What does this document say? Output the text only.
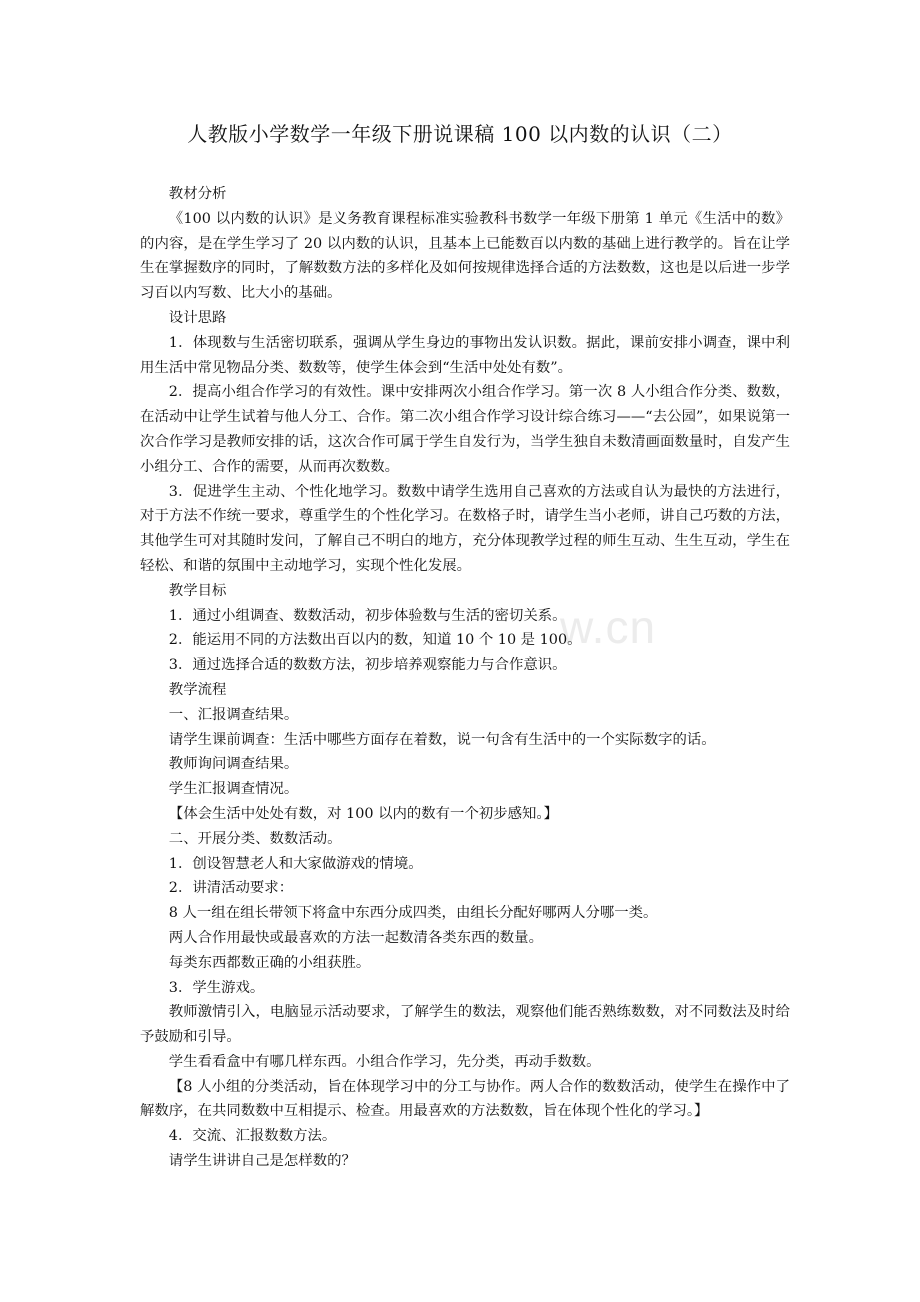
w.cn
人教版小学数学一年级下册说课稿 100 以内数的认识（二）

教材分析

《100 以内数的认识》是义务教育课程标准实验教科书数学一年级下册第 1 单元《生活中的数》的内容，是在学生学习了 20 以内数的认识，且基本上已能数百以内数的基础上进行教学的。旨在让学生在掌握数序的同时，了解数数方法的多样化及如何按规律选择合适的方法数数，这也是以后进一步学习百以内写数、比大小的基础。

设计思路

1．体现数与生活密切联系，强调从学生身边的事物出发认识数。据此，课前安排小调查，课中利用生活中常见物品分类、数数等，使学生体会到“生活中处处有数”。

2．提高小组合作学习的有效性。课中安排两次小组合作学习。第一次 8 人小组合作分类、数数，在活动中让学生试着与他人分工、合作。第二次小组合作学习设计综合练习——“去公园”，如果说第一次合作学习是教师安排的话，这次合作可属于学生自发行为，当学生独自未数清画面数量时，自发产生小组分工、合作的需要，从而再次数数。

3．促进学生主动、个性化地学习。数数中请学生选用自己喜欢的方法或自认为最快的方法进行，对于方法不作统一要求，尊重学生的个性化学习。在数格子时，请学生当小老师，讲自己巧数的方法，其他学生可对其随时发问，了解自己不明白的地方，充分体现教学过程的师生互动、生生互动，学生在轻松、和谐的氛围中主动地学习，实现个性化发展。

教学目标

1．通过小组调查、数数活动，初步体验数与生活的密切关系。

2．能运用不同的方法数出百以内的数，知道 10 个 10 是 100。

3．通过选择合适的数数方法，初步培养观察能力与合作意识。

教学流程

一、汇报调查结果。

请学生课前调查：生活中哪些方面存在着数，说一句含有生活中的一个实际数字的话。

教师询问调查结果。

学生汇报调查情况。

【体会生活中处处有数，对 100 以内的数有一个初步感知。】

二、开展分类、数数活动。

1．创设智慧老人和大家做游戏的情境。

2．讲清活动要求：

8 人一组在组长带领下将盒中东西分成四类，由组长分配好哪两人分哪一类。

两人合作用最快或最喜欢的方法一起数清各类东西的数量。

每类东西都数正确的小组获胜。

3．学生游戏。

教师激情引入，电脑显示活动要求，了解学生的数法，观察他们能否熟练数数，对不同数法及时给予鼓励和引导。

学生看看盒中有哪几样东西。小组合作学习，先分类，再动手数数。

【8 人小组的分类活动，旨在体现学习中的分工与协作。两人合作的数数活动，使学生在操作中了解数序，在共同数数中互相提示、检查。用最喜欢的方法数数，旨在体现个性化的学习。】

4．交流、汇报数数方法。

请学生讲讲自己是怎样数的？
